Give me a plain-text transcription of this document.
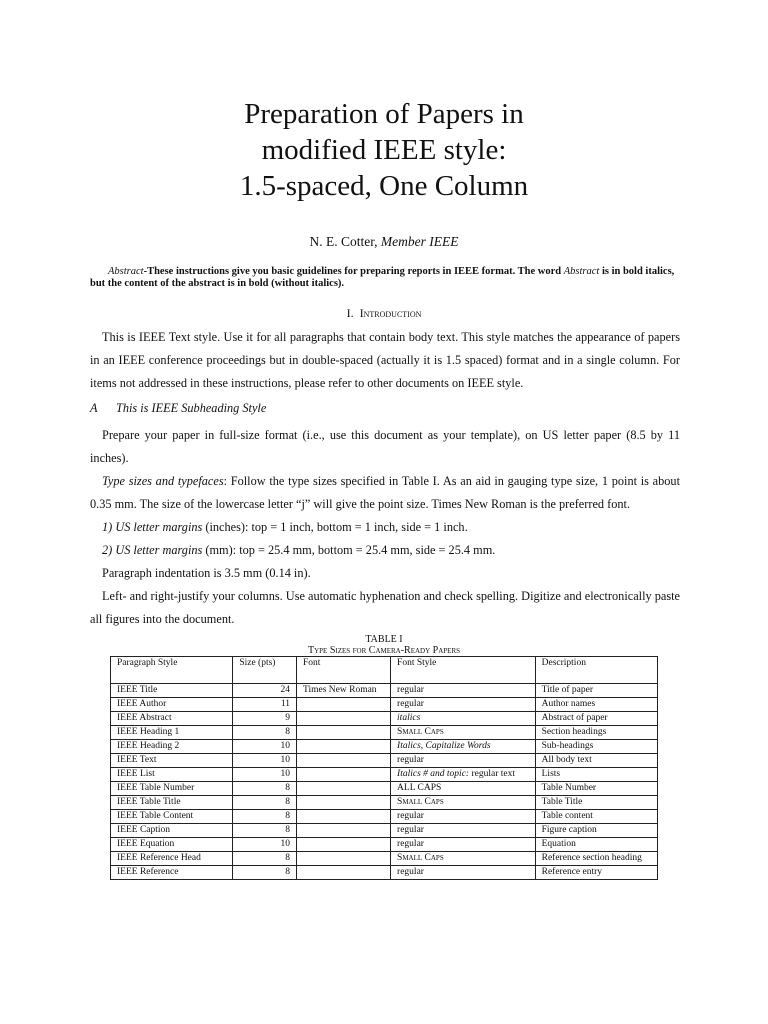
Preparation of Papers in
modified IEEE style:
1.5-spaced, One Column
N. E. Cotter, Member IEEE
Abstract-These instructions give you basic guidelines for preparing reports in IEEE format. The word Abstract is in bold italics, but the content of the abstract is in bold (without italics).
I. Introduction

This is IEEE Text style. Use it for all paragraphs that contain body text. This style matches the appearance of papers in an IEEE conference proceedings but in double-spaced (actually it is 1.5 spaced) format and in a single column. For items not addressed in these instructions, please refer to other documents on IEEE style.

A This is IEEE Subheading Style

Prepare your paper in full-size format (i.e., use this document as your template), on US letter paper (8.5 by 11 inches).

Type sizes and typefaces: Follow the type sizes specified in Table I. As an aid in gauging type size, 1 point is about 0.35 mm. The size of the lowercase letter “j” will give the point size. Times New Roman is the preferred font.

1) US letter margins (inches): top = 1 inch, bottom = 1 inch, side = 1 inch.

2) US letter margins (mm): top = 25.4 mm, bottom = 25.4 mm, side = 25.4 mm.

Paragraph indentation is 3.5 mm (0.14 in).

Left- and right-justify your columns. Use automatic hyphenation and check spelling. Digitize and electronically paste all figures into the document.

TABLE I
Type Sizes for Camera-Ready Papers
Paragraph Style	Size (pts)	Font	Font Style	Description
IEEE Title	24	Times New Roman	regular	Title of paper
IEEE Author	11		regular	Author names
IEEE Abstract	9		italics	Abstract of paper
IEEE Heading 1	8		Small Caps	Section headings
IEEE Heading 2	10		Italics, Capitalize Words	Sub-headings
IEEE Text	10		regular	All body text
IEEE List	10		Italics # and topic: regular text	Lists
IEEE Table Number	8		ALL CAPS	Table Number
IEEE Table Title	8		Small Caps	Table Title
IEEE Table Content	8		regular	Table content
IEEE Caption	8		regular	Figure caption
IEEE Equation	10		regular	Equation
IEEE Reference Head	8		Small Caps	Reference section heading
IEEE Reference	8		regular	Reference entry
